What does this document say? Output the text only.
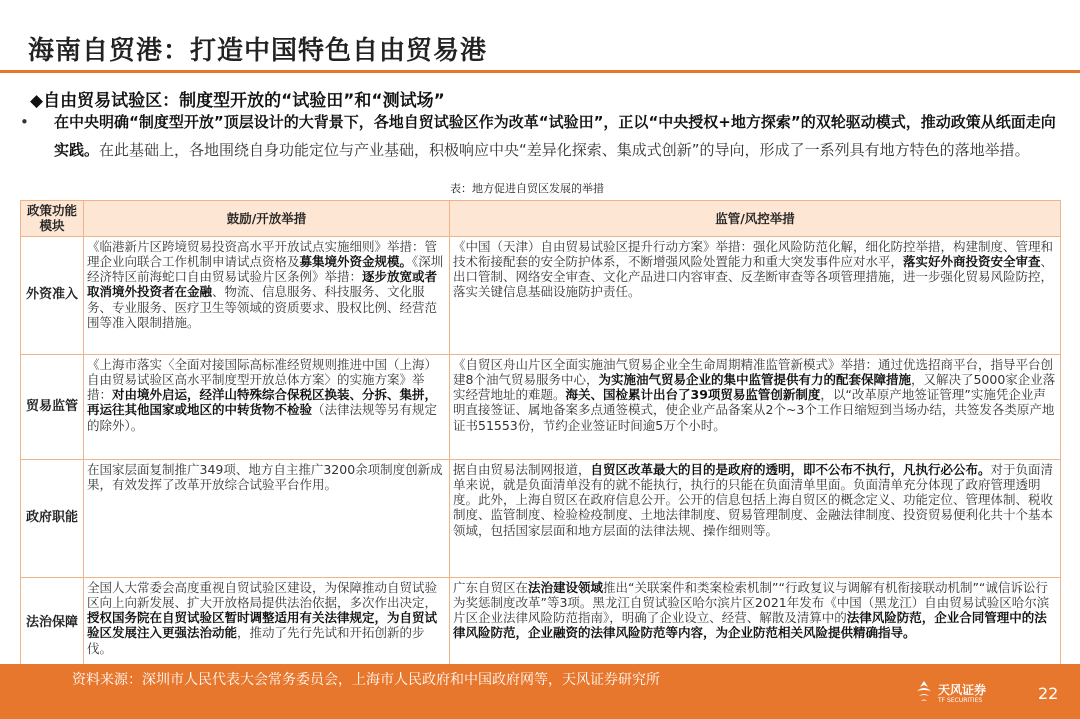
海南自贸港：打造中国特色自由贸易港
◆自由贸易试验区：制度型开放的“试验田”和“测试场”
• 在中央明确“制度型开放”顶层设计的大背景下，各地自贸试验区作为改革“试验田”，正以“中央授权+地方探索”的双轮驱动模式，推动政策从纸面走向实践。在此基础上，各地围绕自身功能定位与产业基础，积极响应中央“差异化探索、集成式创新”的导向，形成了一系列具有地方特色的落地举措。

表：地方促进自贸区发展的举措
政策功能模块	鼓励/开放举措	监管/风控举措
外资准入	《临港新片区跨境贸易投资高水平开放试点实施细则》举措：管理企业向联合工作机制申请试点资格及募集境外资金规模。《深圳经济特区前海蛇口自由贸易试验片区条例》举措：逐步放宽或者取消境外投资者在金融、物流、信息服务、科技服务、文化服务、专业服务、医疗卫生等领域的资质要求、股权比例、经营范围等准入限制措施。	《中国（天津）自由贸易试验区提升行动方案》举措：强化风险防范化解，细化防控举措，构建制度、管理和技术衔接配套的安全防护体系，不断增强风险处置能力和重大突发事件应对水平，落实好外商投资安全审查、出口管制、网络安全审查、文化产品进口内容审查、反垄断审查等各项管理措施，进一步强化贸易风险防控，落实关键信息基础设施防护责任。
贸易监管	《上海市落实〈全面对接国际高标准经贸规则推进中国（上海）自由贸易试验区高水平制度型开放总体方案〉的实施方案》举措：对由境外启运，经洋山特殊综合保税区换装、分拆、集拼，再运往其他国家或地区的中转货物不检验（法律法规等另有规定的除外）。	《自贸区舟山片区全面实施油气贸易企业全生命周期精准监管新模式》举措：通过优选招商平台，指导平台创建8个油气贸易服务中心，为实施油气贸易企业的集中监管提供有力的配套保障措施，又解决了5000家企业落实经营地址的难题。海关、国检累计出台了39项贸易监管创新制度，以“改革原产地签证管理”实施凭企业声明直接签证、属地备案多点通签模式，使企业产品备案从2个~3个工作日缩短到当场办结，共签发各类原产地证书51553份，节约企业签证时间逾5万个小时。
政府职能	在国家层面复制推广349项、地方自主推广3200余项制度创新成果，有效发挥了改革开放综合试验平台作用。	据自由贸易法制网报道，自贸区改革最大的目的是政府的透明，即不公布不执行，凡执行必公布。对于负面清单来说，就是负面清单没有的就不能执行，执行的只能在负面清单里面。负面清单充分体现了政府管理透明度。此外，上海自贸区在政府信息公开。公开的信息包括上海自贸区的概念定义、功能定位、管理体制、税收制度、监管制度、检验检疫制度、土地法律制度、贸易管理制度、金融法律制度、投资贸易便利化共十个基本领域，包括国家层面和地方层面的法律法规、操作细则等。
法治保障	全国人大常委会高度重视自贸试验区建设，为保障推动自贸试验区向上向新发展、扩大开放格局提供法治依据，多次作出决定，授权国务院在自贸试验区暂时调整适用有关法律规定，为自贸试验区发展注入更强法治动能，推动了先行先试和开拓创新的步伐。	广东自贸区在法治建设领域推出“关联案件和类案检索机制”“行政复议与调解有机衔接联动机制”“诚信诉讼行为奖惩制度改革”等3项。黑龙江自贸试验区哈尔滨片区2021年发布《中国（黑龙江）自由贸易试验区哈尔滨片区企业法律风险防范指南》，明确了企业设立、经营、解散及清算中的法律风险防范，企业合同管理中的法律风险防范，企业融资的法律风险防范等内容，为企业防范相关风险提供精确指导。
资料来源：深圳市人民代表大会常务委员会，上海市人民政府和中国政府网等，天风证券研究所
天风证券
TF SECURITIES	22
